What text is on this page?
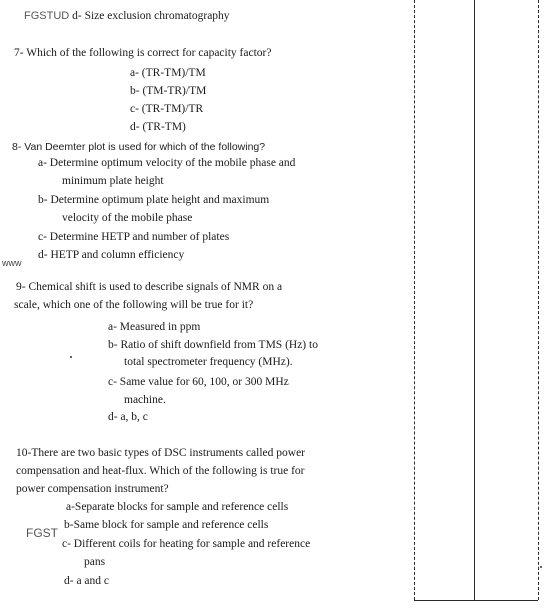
FGSTUD d- Size exclusion chromatography
7- Which of the following is correct for capacity factor?
a- (TR-TM)/TM
b- (TM-TR)/TM
c- (TR-TM)/TR
d- (TR-TM)
8- Van Deemter plot is used for which of the following?
a- Determine optimum velocity of the mobile phase and
minimum plate height
b- Determine optimum plate height and maximum
velocity of the mobile phase
c- Determine HETP and number of plates
www
d- HETP and column efficiency
9- Chemical shift is used to describe signals of NMR on a
scale, which one of the following will be true for it?
a- Measured in ppm
b- Ratio of shift downfield from TMS (Hz) to
total spectrometer frequency (MHz).
c- Same value for 60, 100, or 300 MHz
machine.
d- a, b, c
10-There are two basic types of DSC instruments called power
compensation and heat-flux. Which of the following is true for
power compensation instrument?
a-Separate blocks for sample and reference cells
FGST
b-Same block for sample and reference cells
c- Different coils for heating for sample and reference
pans
d- a and c
